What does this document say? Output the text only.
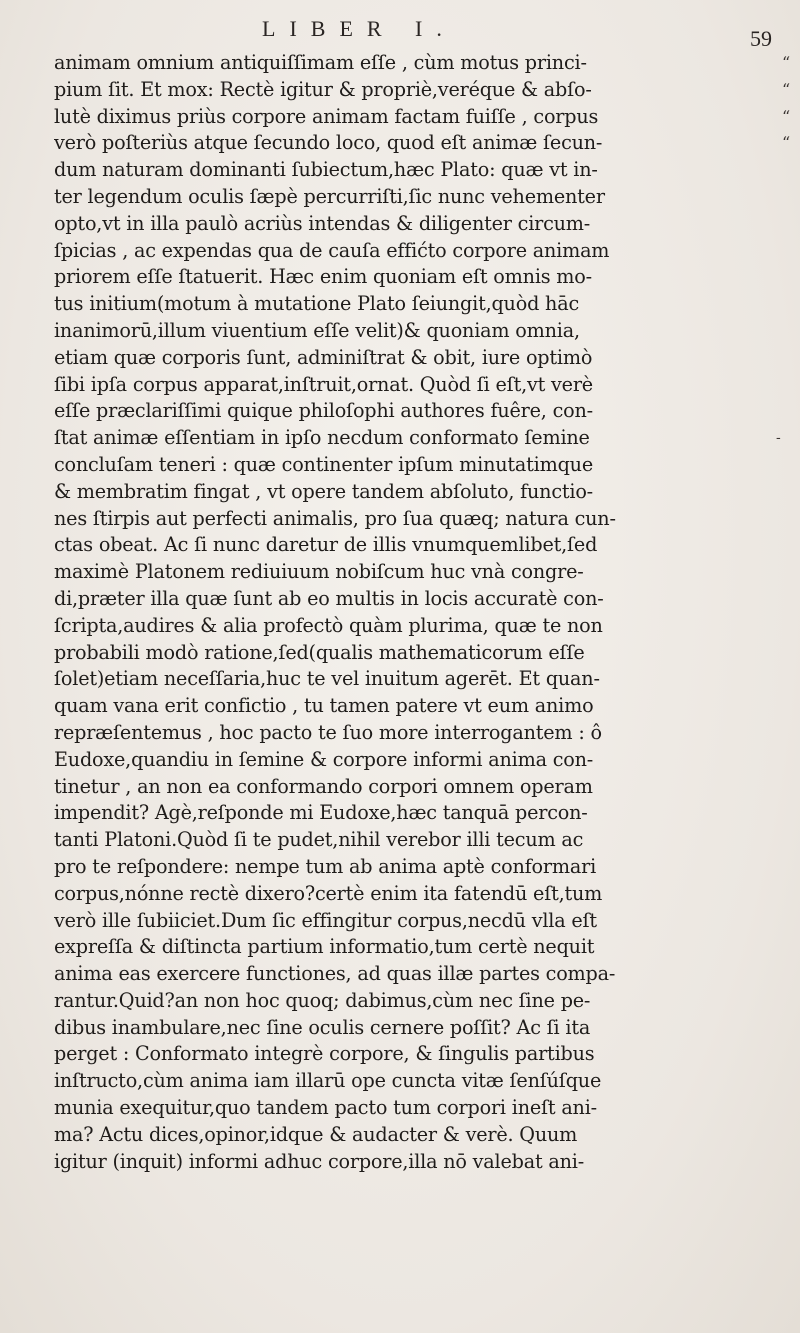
LIBER I.	59
-
animam omnium antiquiſſimam eſſe , cùm motus princi-	“
pium ſit. Et mox: Rectè igitur & propriè,veréque & abſo-	“
lutè diximus priùs corpore animam factam fuiſſe , corpus	“
verò poſteriùs atque ſecundo loco, quod eſt animæ ſecun-	“
dum naturam dominanti ſubiectum,hæc Plato: quæ vt in-
ter legendum oculis ſæpè percurriſti,ſic nunc vehementer
opto,vt in illa paulò acriùs intendas & diligenter circum-
ſpicias , ac expendas qua de cauſa effićto corpore animam
priorem eſſe ſtatuerit. Hæc enim quoniam eſt omnis mo-
tus initium(motum à mutatione Plato ſeiungit,quòd hāc
inanimorū,illum viuentium eſſe velit)& quoniam omnia,
etiam quæ corporis ſunt, adminiſtrat & obit, iure optimò
ſibi ipſa corpus apparat,inſtruit,ornat. Quòd ſi eſt,vt verè
eſſe præclariſſimi quique philoſophi authores fuêre, con-
ſtat animæ eſſentiam in ipſo necdum conformato ſemine
concluſam teneri : quæ continenter ipſum minutatimque
& membratim fingat , vt opere tandem abſoluto, functio-
nes ſtirpis aut perfecti animalis, pro ſua quæq; natura cun-
ctas obeat. Ac ſi nunc daretur de illis vnumquemlibet,ſed
maximè Platonem rediuiuum nobiſcum huc vnà congre-
di,præter illa quæ ſunt ab eo multis in locis accuratè con-
ſcripta,audires & alia profectò quàm plurima, quæ te non
probabili modò ratione,ſed(qualis mathematicorum eſſe
ſolet)etiam neceſſaria,huc te vel inuitum agerēt. Et quan-
quam vana erit confictio , tu tamen patere vt eum animo
repræſentemus , hoc pacto te ſuo more interrogantem : ô
Eudoxe,quandiu in ſemine & corpore informi anima con-
tinetur , an non ea conformando corpori omnem operam
impendit? Agè,reſponde mi Eudoxe,hæc tanquā percon-
tanti Platoni.Quòd ſi te pudet,nihil verebor illi tecum ac
pro te reſpondere: nempe tum ab anima aptè conformari
corpus,nónne rectè dixero?certè enim ita fatendū eſt,tum
verò ille ſubiiciet.Dum ſic effingitur corpus,necdū vlla eſt
expreſſa & diſtincta partium informatio,tum certè nequit
anima eas exercere functiones, ad quas illæ partes compa-
rantur.Quid?an non hoc quoq; dabimus,cùm nec ſine pe-
dibus inambulare,nec ſine oculis cernere poſſit? Ac ſi ita
perget : Conformato integrè corpore, & ſingulis partibus
inſtructo,cùm anima iam illarū ope cuncta vitæ ſenſúſque
munia exequitur,quo tandem pacto tum corpori ineſt ani-
ma? Actu dices,opinor,idque & audacter & verè. Quum
igitur (inquit) informi adhuc corpore,illa nō valebat ani-
